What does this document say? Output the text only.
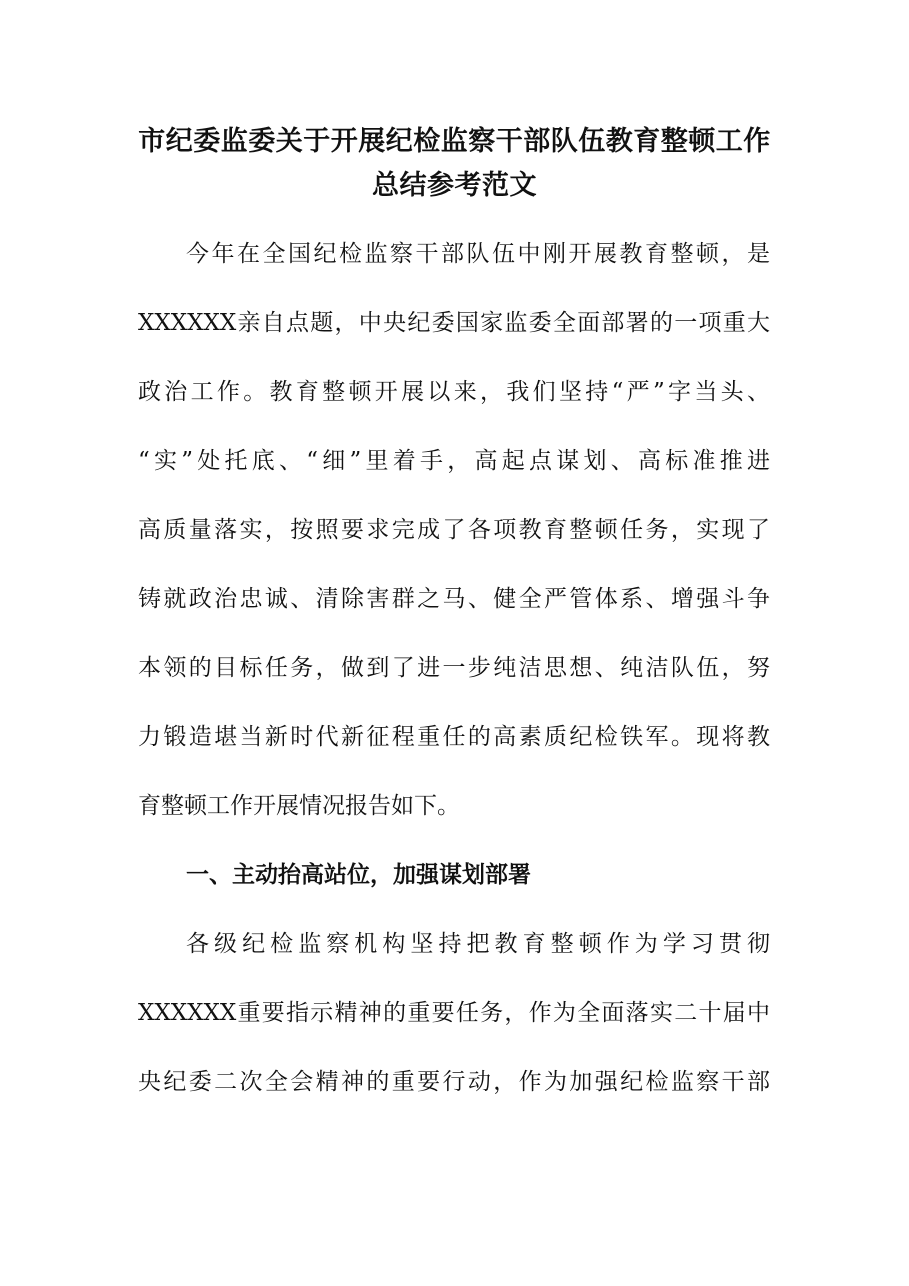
市纪委监委关于开展纪检监察干部队伍教育整顿工作
总结参考范文
今年在全国纪检监察干部队伍中刚开展教育整顿，是
XXXXXX亲自点题，中央纪委国家监委全面部署的一项重大
政治工作。教育整顿开展以来，我们坚持“严”字当头、
“实”处托底、“细”里着手，高起点谋划、高标准推进
高质量落实，按照要求完成了各项教育整顿任务，实现了
铸就政治忠诚、清除害群之马、健全严管体系、增强斗争
本领的目标任务，做到了进一步纯洁思想、纯洁队伍，努
力锻造堪当新时代新征程重任的高素质纪检铁军。现将教
育整顿工作开展情况报告如下。
一、主动抬高站位，加强谋划部署
各级纪检监察机构坚持把教育整顿作为学习贯彻
XXXXXX重要指示精神的重要任务，作为全面落实二十届中
央纪委二次全会精神的重要行动，作为加强纪检监察干部
